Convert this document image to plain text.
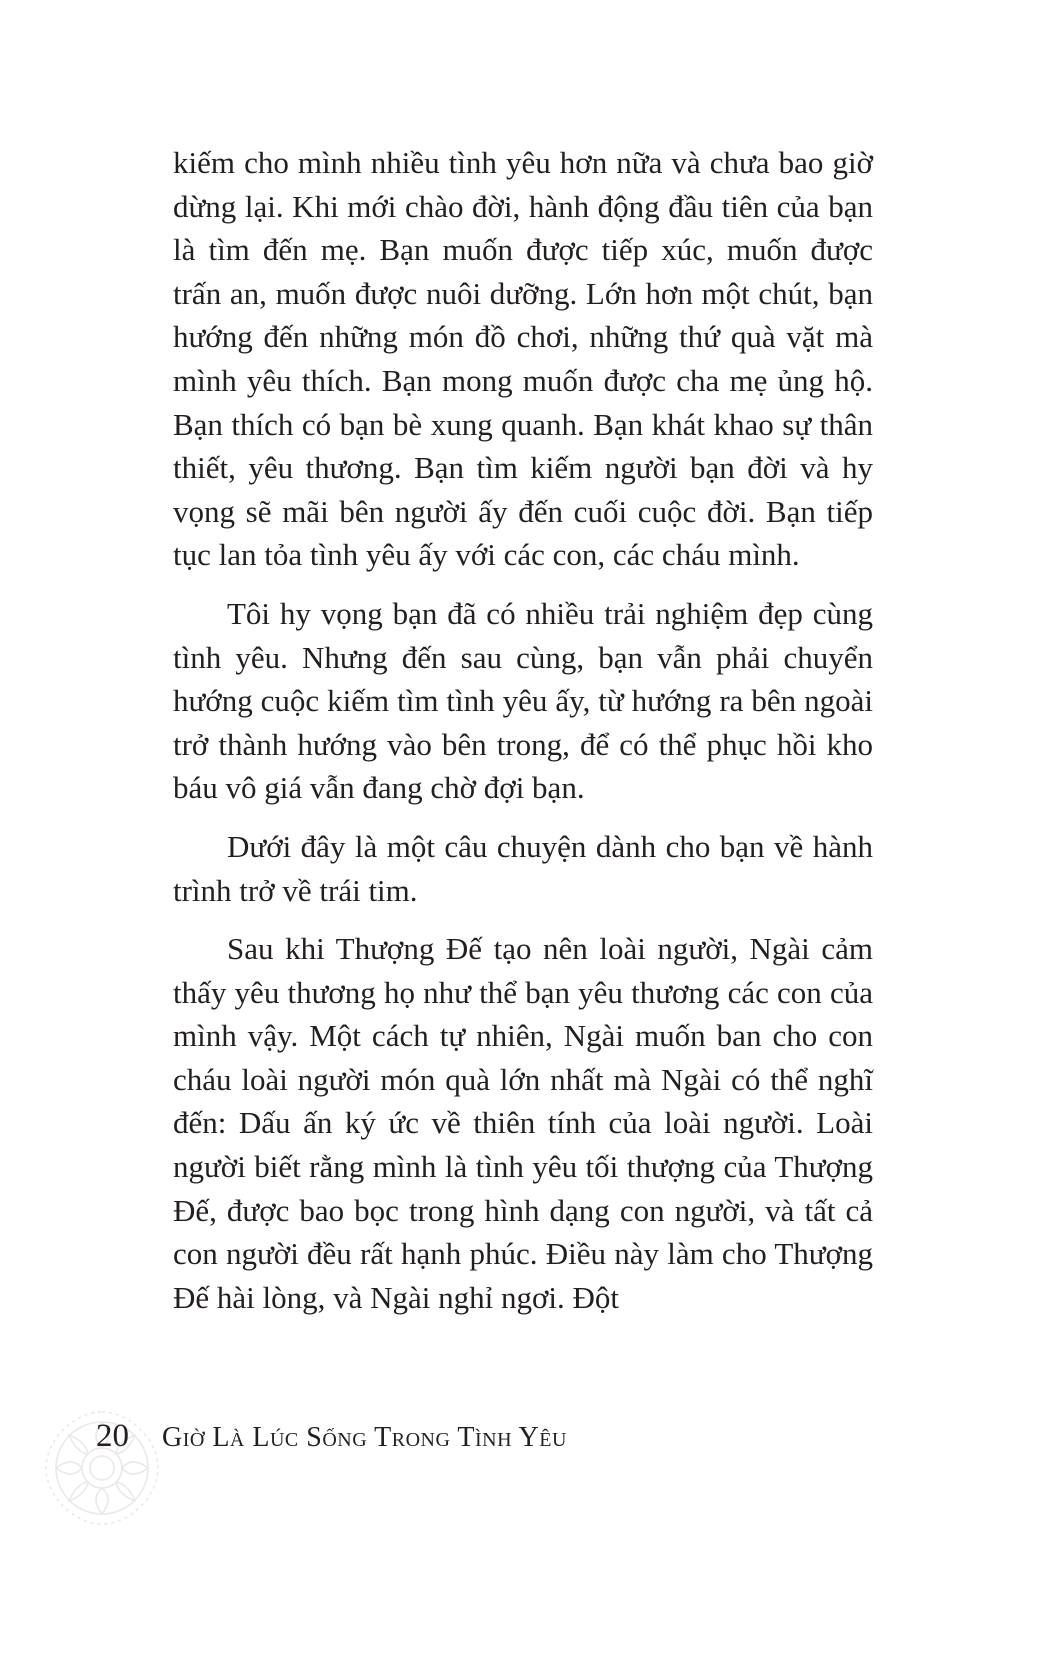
kiếm cho mình nhiều tình yêu hơn nữa và chưa bao giờ dừng lại. Khi mới chào đời, hành động đầu tiên của bạn là tìm đến mẹ. Bạn muốn được tiếp xúc, muốn được trấn an, muốn được nuôi dưỡng. Lớn hơn một chút, bạn hướng đến những món đồ chơi, những thứ quà vặt mà mình yêu thích. Bạn mong muốn được cha mẹ ủng hộ. Bạn thích có bạn bè xung quanh. Bạn khát khao sự thân thiết, yêu thương. Bạn tìm kiếm người bạn đời và hy vọng sẽ mãi bên người ấy đến cuối cuộc đời. Bạn tiếp tục lan tỏa tình yêu ấy với các con, các cháu mình.

Tôi hy vọng bạn đã có nhiều trải nghiệm đẹp cùng tình yêu. Nhưng đến sau cùng, bạn vẫn phải chuyển hướng cuộc kiếm tìm tình yêu ấy, từ hướng ra bên ngoài trở thành hướng vào bên trong, để có thể phục hồi kho báu vô giá vẫn đang chờ đợi bạn.

Dưới đây là một câu chuyện dành cho bạn về hành trình trở về trái tim.

Sau khi Thượng Đế tạo nên loài người, Ngài cảm thấy yêu thương họ như thể bạn yêu thương các con của mình vậy. Một cách tự nhiên, Ngài muốn ban cho con cháu loài người món quà lớn nhất mà Ngài có thể nghĩ đến: Dấu ấn ký ức về thiên tính của loài người. Loài người biết rằng mình là tình yêu tối thượng của Thượng Đế, được bao bọc trong hình dạng con người, và tất cả con người đều rất hạnh phúc. Điều này làm cho Thượng Đế hài lòng, và Ngài nghỉ ngơi. Đột

20 Giờ Là Lúc Sống Trong Tình Yêu
